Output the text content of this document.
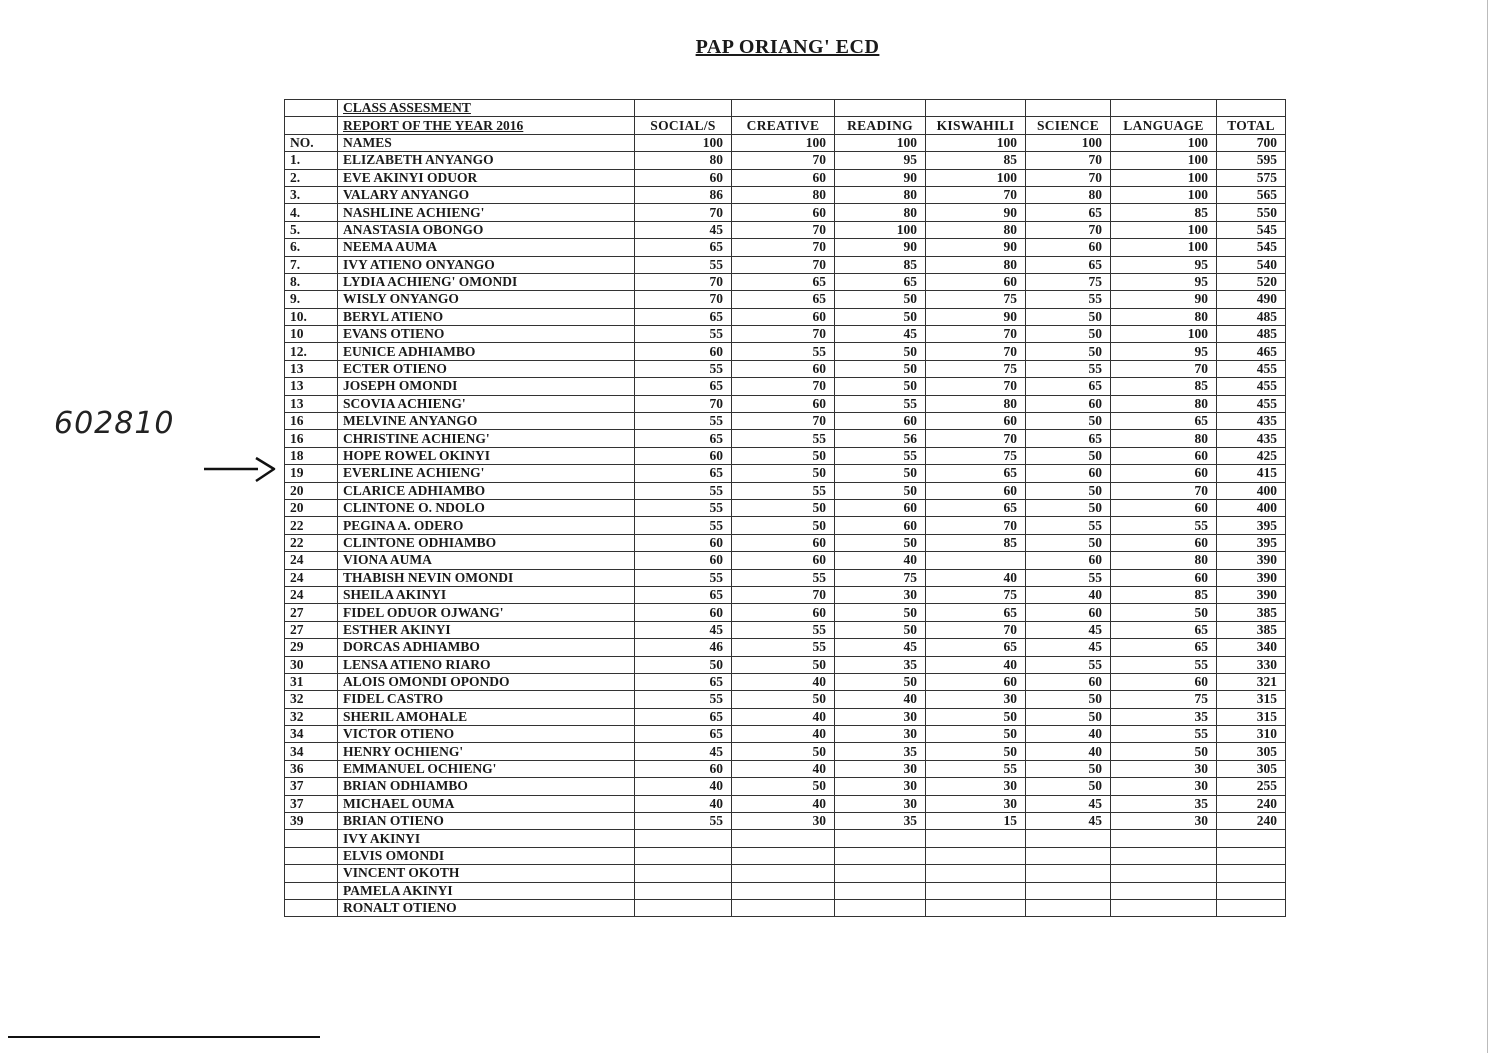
PAP ORIANG' ECD
602810
	CLASS ASSESMENT							
	REPORT OF THE YEAR 2016	SOCIAL/S	CREATIVE	READING	KISWAHILI	SCIENCE	LANGUAGE	TOTAL
NO.	NAMES	100	100	100	100	100	100	700
1.	ELIZABETH ANYANGO	80	70	95	85	70	100	595
2.	EVE AKINYI ODUOR	60	60	90	100	70	100	575
3.	VALARY ANYANGO	86	80	80	70	80	100	565
4.	NASHLINE ACHIENG'	70	60	80	90	65	85	550
5.	ANASTASIA OBONGO	45	70	100	80	70	100	545
6.	NEEMA AUMA	65	70	90	90	60	100	545
7.	IVY ATIENO ONYANGO	55	70	85	80	65	95	540
8.	LYDIA ACHIENG' OMONDI	70	65	65	60	75	95	520
9.	WISLY ONYANGO	70	65	50	75	55	90	490
10.	BERYL ATIENO	65	60	50	90	50	80	485
10	EVANS OTIENO	55	70	45	70	50	100	485
12.	EUNICE ADHIAMBO	60	55	50	70	50	95	465
13	ECTER OTIENO	55	60	50	75	55	70	455
13	JOSEPH OMONDI	65	70	50	70	65	85	455
13	SCOVIA ACHIENG'	70	60	55	80	60	80	455
16	MELVINE ANYANGO	55	70	60	60	50	65	435
16	CHRISTINE ACHIENG'	65	55	56	70	65	80	435
18	HOPE ROWEL OKINYI	60	50	55	75	50	60	425
19	EVERLINE ACHIENG'	65	50	50	65	60	60	415
20	CLARICE ADHIAMBO	55	55	50	60	50	70	400
20	CLINTONE O. NDOLO	55	50	60	65	50	60	400
22	PEGINA A. ODERO	55	50	60	70	55	55	395
22	CLINTONE ODHIAMBO	60	60	50	85	50	60	395
24	VIONA AUMA	60	60	40		60	80	390
24	THABISH NEVIN OMONDI	55	55	75	40	55	60	390
24	SHEILA AKINYI	65	70	30	75	40	85	390
27	FIDEL ODUOR OJWANG'	60	60	50	65	60	50	385
27	ESTHER AKINYI	45	55	50	70	45	65	385
29	DORCAS ADHIAMBO	46	55	45	65	45	65	340
30	LENSA ATIENO RIARO	50	50	35	40	55	55	330
31	ALOIS OMONDI OPONDO	65	40	50	60	60	60	321
32	FIDEL CASTRO	55	50	40	30	50	75	315
32	SHERIL AMOHALE	65	40	30	50	50	35	315
34	VICTOR OTIENO	65	40	30	50	40	55	310
34	HENRY OCHIENG'	45	50	35	50	40	50	305
36	EMMANUEL OCHIENG'	60	40	30	55	50	30	305
37	BRIAN ODHIAMBO	40	50	30	30	50	30	255
37	MICHAEL OUMA	40	40	30	30	45	35	240
39	BRIAN OTIENO	55	30	35	15	45	30	240
	IVY AKINYI							
	ELVIS OMONDI							
	VINCENT OKOTH							
	PAMELA AKINYI							
	RONALT OTIENO							
